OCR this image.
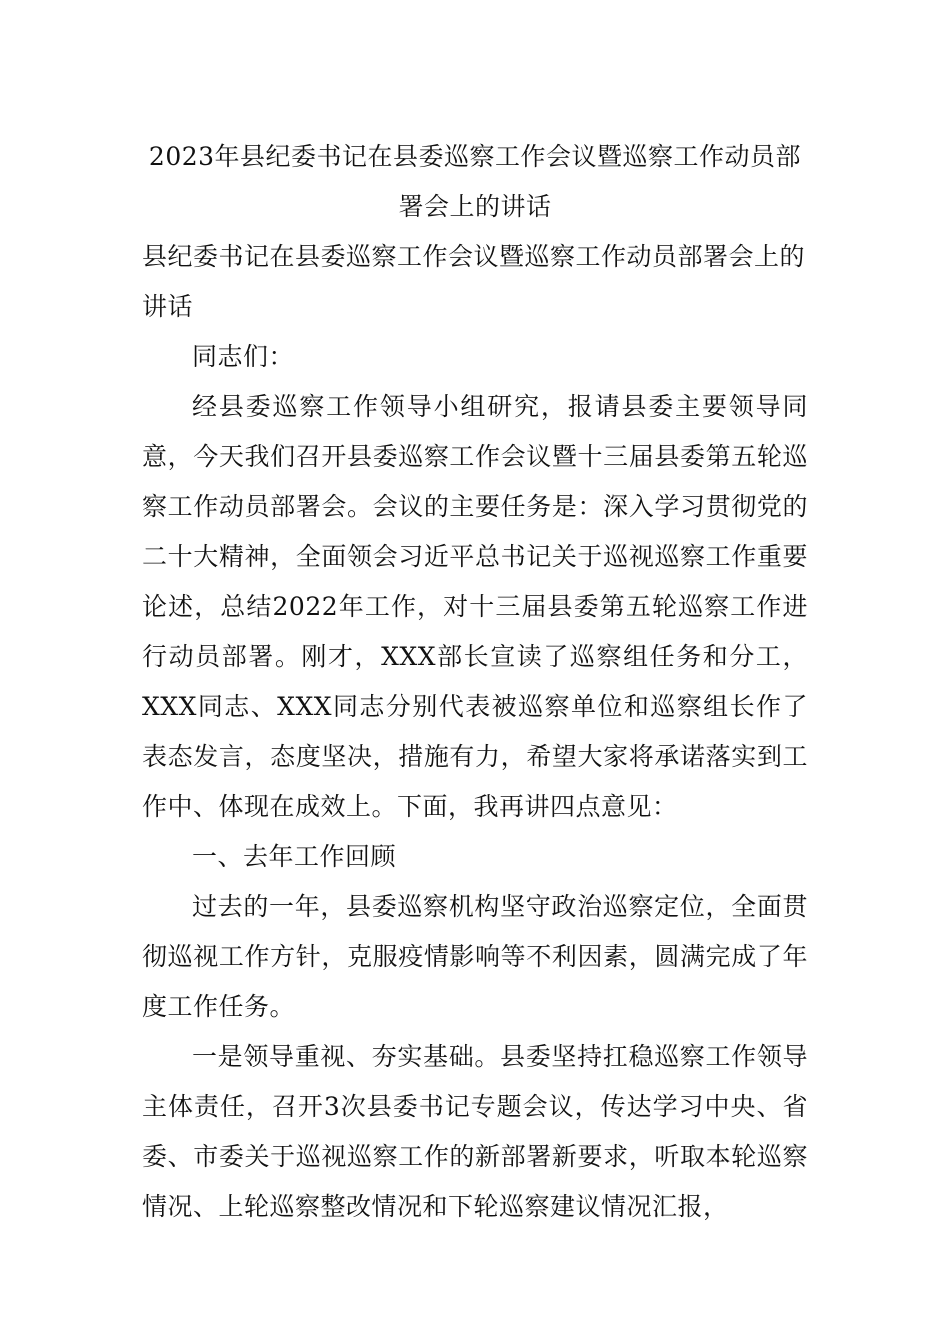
2023年县纪委书记在县委巡察工作会议暨巡察工作动员部署会上的讲话
县纪委书记在县委巡察工作会议暨巡察工作动员部署会上的讲话

同志们：

经县委巡察工作领导小组研究，报请县委主要领导同意，今天我们召开县委巡察工作会议暨十三届县委第五轮巡察工作动员部署会。会议的主要任务是：深入学习贯彻党的二十大精神，全面领会习近平总书记关于巡视巡察工作重要论述，总结2022年工作，对十三届县委第五轮巡察工作进行动员部署。刚才，XXX部长宣读了巡察组任务和分工，XXX同志、XXX同志分别代表被巡察单位和巡察组长作了表态发言，态度坚决，措施有力，希望大家将承诺落实到工作中、体现在成效上。下面，我再讲四点意见：

一、去年工作回顾

过去的一年，县委巡察机构坚守政治巡察定位，全面贯彻巡视工作方针，克服疫情影响等不利因素，圆满完成了年度工作任务。

一是领导重视、夯实基础。县委坚持扛稳巡察工作领导主体责任，召开3次县委书记专题会议，传达学习中央、省委、市委关于巡视巡察工作的新部署新要求，听取本轮巡察情况、上轮巡察整改情况和下轮巡察建议情况汇报，
